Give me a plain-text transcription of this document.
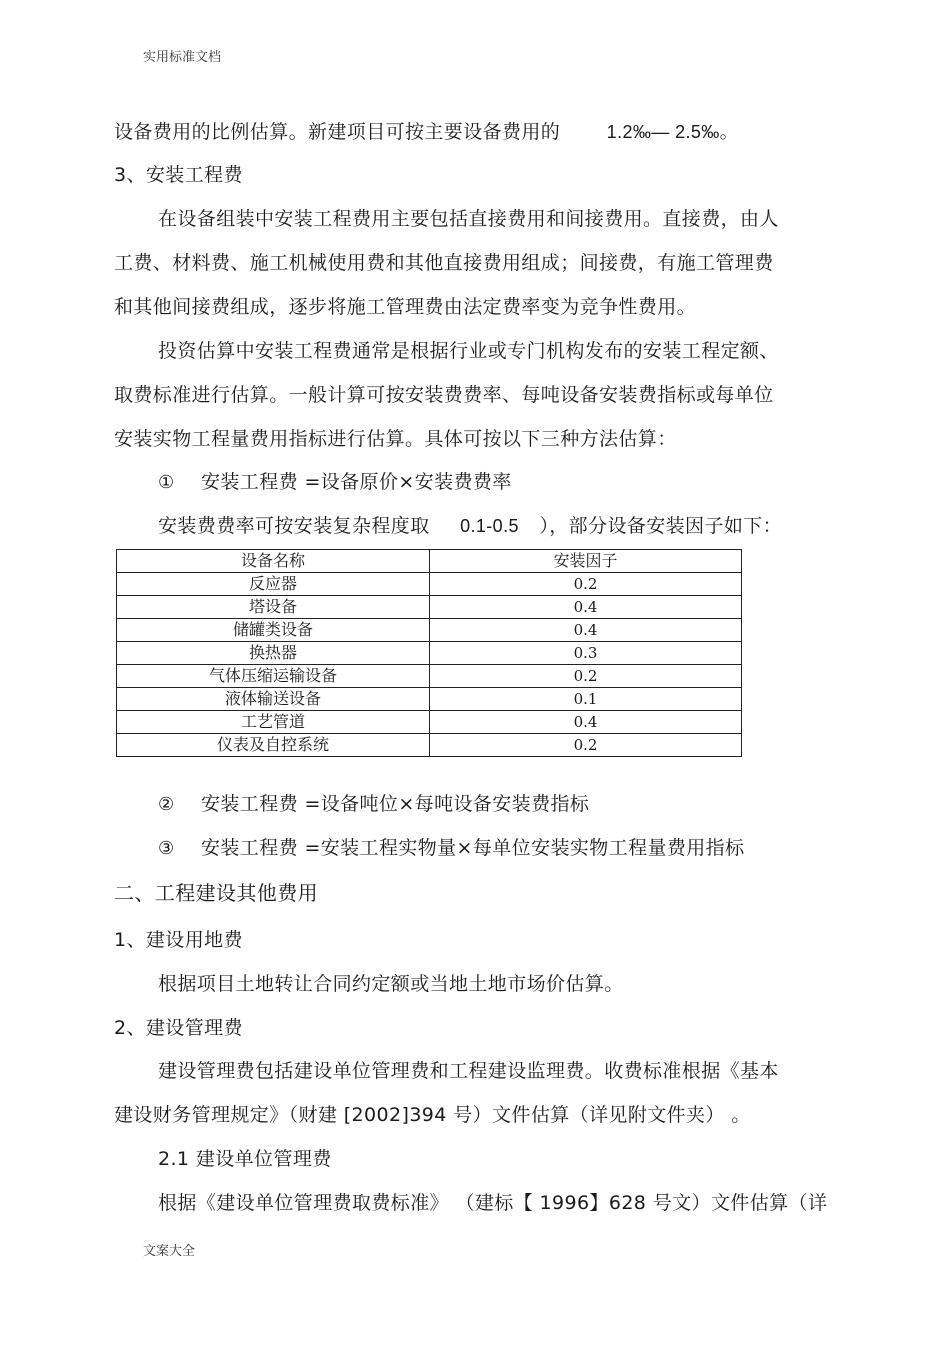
实用标准文档
设备费用的比例估算。新建项目可按主要设备费用的	1.2‰— 2.5‰。
3、安装工程费
在设备组装中安装工程费用主要包括直接费用和间接费用。直接费，由人
工费、材料费、施工机械使用费和其他直接费用组成；间接费，有施工管理费
和其他间接费组成，逐步将施工管理费由法定费率变为竞争性费用。
投资估算中安装工程费通常是根据行业或专门机构发布的安装工程定额、
取费标准进行估算。一般计算可按安装费费率、每吨设备安装费指标或每单位
安装实物工程量费用指标进行估算。具体可按以下三种方法估算：
① 安装工程费 =设备原价×安装费费率
安装费费率可按安装复杂程度取 0.1-0.5 ），部分设备安装因子如下：
设备名称	安装因子
反应器	0.2
塔设备	0.4
储罐类设备	0.4
换热器	0.3
气体压缩运输设备	0.2
液体输送设备	0.1
工艺管道	0.4
仪表及自控系统	0.2
② 安装工程费 =设备吨位×每吨设备安装费指标
③ 安装工程费 =安装工程实物量×每单位安装实物工程量费用指标
二、工程建设其他费用
1、建设用地费
根据项目土地转让合同约定额或当地土地市场价估算。
2、建设管理费
建设管理费包括建设单位管理费和工程建设监理费。收费标准根据《基本
建设财务管理规定》（财建 [2002]394 号）文件估算（详见附文件夹） 。
2.1 建设单位管理费
根据《建设单位管理费取费标准》 （建标【 1996】628 号文）文件估算（详
文案大全
